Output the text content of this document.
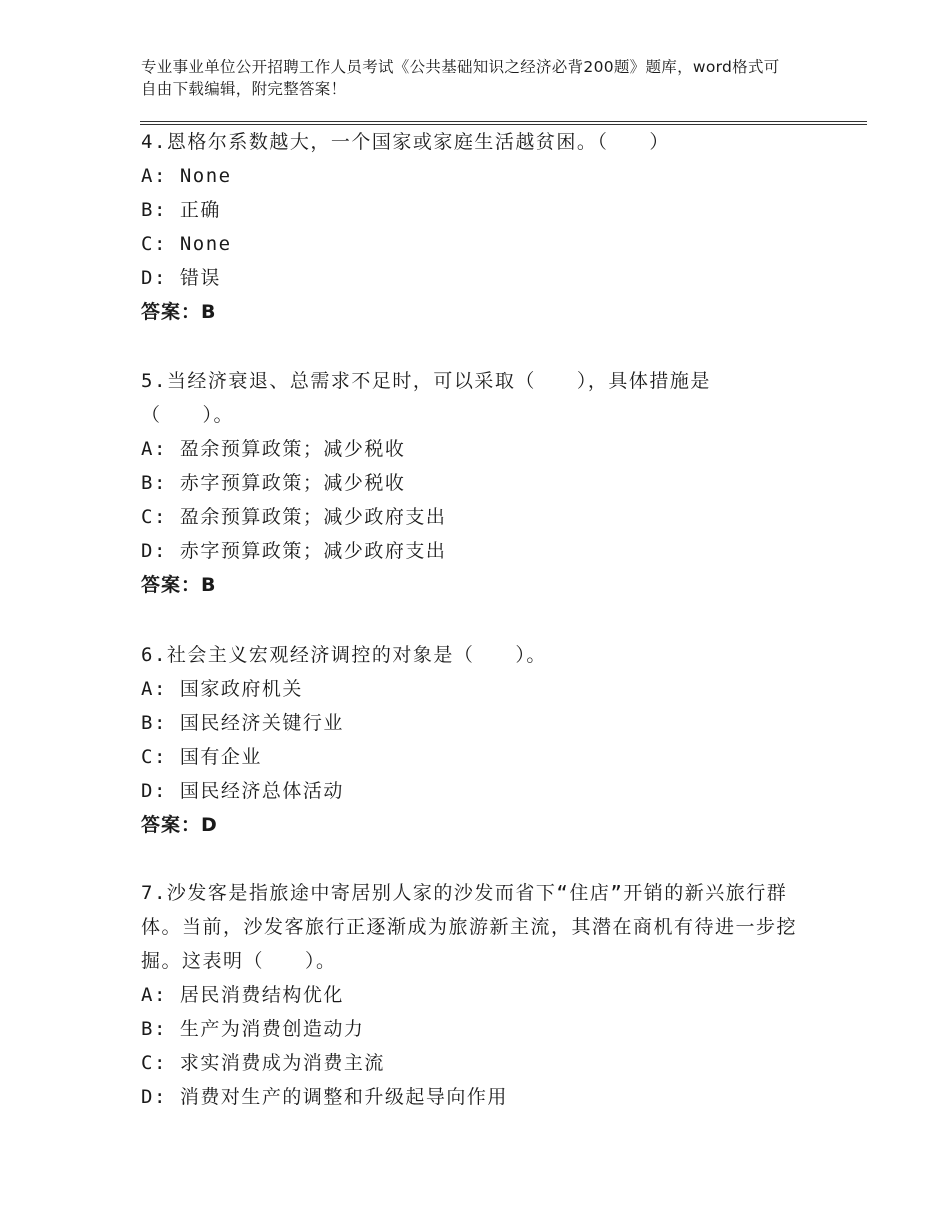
专业事业单位公开招聘工作人员考试《公共基础知识之经济必背200题》题库，word格式可自由下载编辑，附完整答案！
4.恩格尔系数越大，一个国家或家庭生活越贫困。（　　）
A: None
B: 正确
C: None
D: 错误
答案：B
5.当经济衰退、总需求不足时，可以采取（　　），具体措施是（　　）。
A: 盈余预算政策；减少税收
B: 赤字预算政策；减少税收
C: 盈余预算政策；减少政府支出
D: 赤字预算政策；减少政府支出
答案：B
6.社会主义宏观经济调控的对象是（　　）。
A: 国家政府机关
B: 国民经济关键行业
C: 国有企业
D: 国民经济总体活动
答案：D
7.沙发客是指旅途中寄居别人家的沙发而省下“住店”开销的新兴旅行群体。当前，沙发客旅行正逐渐成为旅游新主流，其潜在商机有待进一步挖掘。这表明（　　）。
A: 居民消费结构优化
B: 生产为消费创造动力
C: 求实消费成为消费主流
D: 消费对生产的调整和升级起导向作用
